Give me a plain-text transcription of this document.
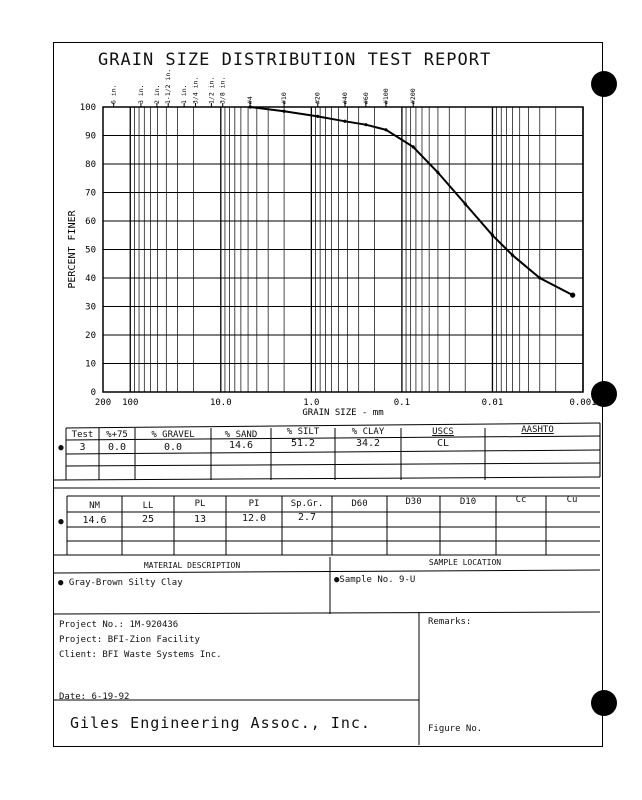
GRAIN SIZE DISTRIBUTION TEST REPORT
100
90
80
70
60
50
40
30
20
10
0
200 100	10.0	1.0	0.1	0.01	0.001
GRAIN SIZE - mm
PERCENT FINER
6 in.	3 in. 2 in. 1-1/2 in. 1 in. 3/4 in. 1/2 in. 3/8 in.	#4	#10	#20	#40 #60 #100	#200
Test	%+75	% GRAVEL	% SAND	% SILT	% CLAY	USCS	AASHTO
●	3	0.0	0.0	14.6	51.2	34.2	CL
NM	LL	PL	PI	Sp.Gr.	D60	D30	D10	Cc	Cu
●	14.6	25	13	12.0	2.7
MATERIAL DESCRIPTION	SAMPLE LOCATION
● Gray-Brown Silty Clay	●Sample No. 9-U
Project No.: 1M-920436
Project: BFI-Zion Facility
Client: BFI Waste Systems Inc.
Date: 6-19-92
Giles Engineering Assoc., Inc.
Remarks:
Figure No.
